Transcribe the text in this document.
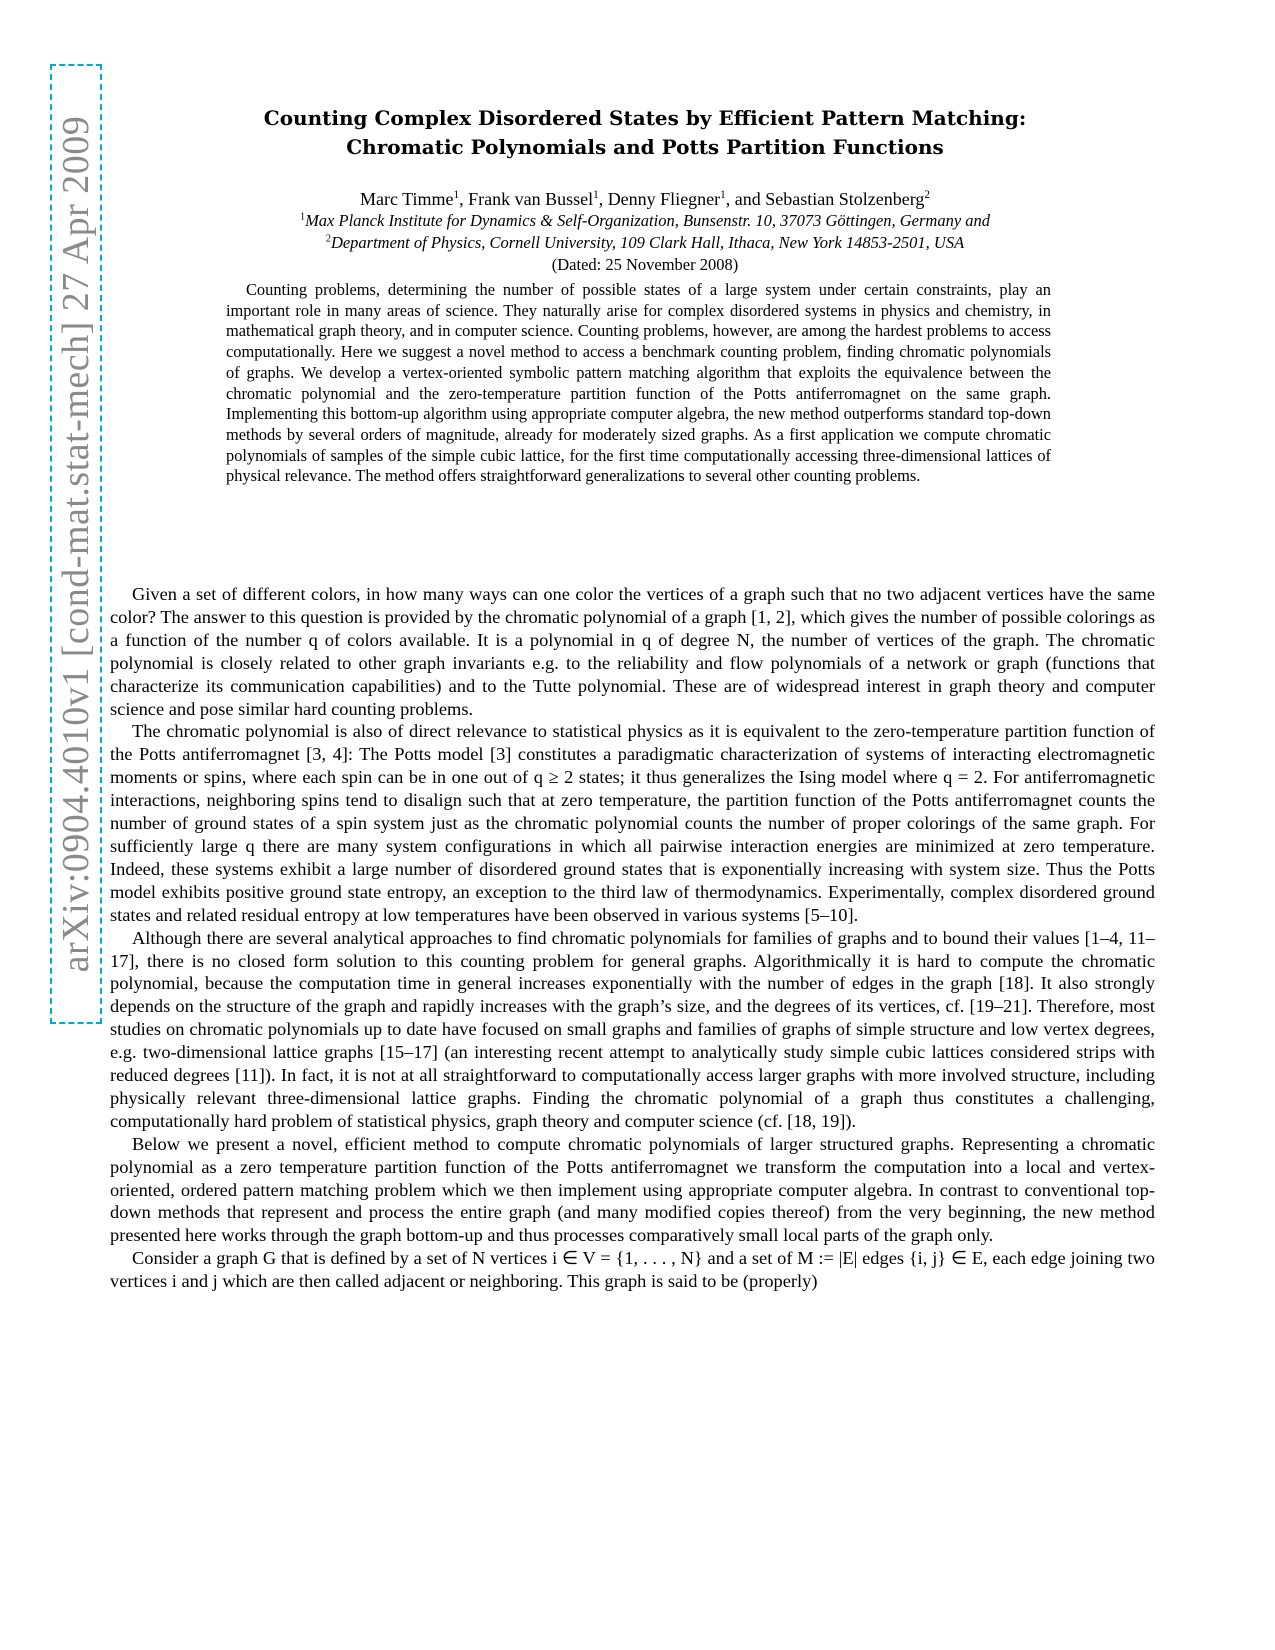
arXiv:0904.4010v1 [cond-mat.stat-mech] 27 Apr 2009	Counting Complex Disordered States by Efficient Pattern Matching:
Chromatic Polynomials and Potts Partition Functions
Marc Timme$^1$, Frank van Bussel$^1$, Denny Fliegner$^1$, and Sebastian Stolzenberg$^2$
$^1$Max Planck Institute for Dynamics & Self-Organization, Bunsenstr. 10, 37073 Göttingen, Germany and
$^2$Department of Physics, Cornell University, 109 Clark Hall, Ithaca, New York 14853-2501, USA
(Dated: 25 November 2008)
Counting problems, determining the number of possible states of a large system under certain constraints, play an important role in many areas of science. They naturally arise for complex disordered systems in physics and chemistry, in mathematical graph theory, and in computer science. Counting problems, however, are among the hardest problems to access computationally. Here we suggest a novel method to access a benchmark counting problem, finding chromatic polynomials of graphs. We develop a vertex-oriented symbolic pattern matching algorithm that exploits the equivalence between the chromatic polynomial and the zero-temperature partition function of the Potts antiferromagnet on the same graph. Implementing this bottom-up algorithm using appropriate computer algebra, the new method outperforms standard top-down methods by several orders of magnitude, already for moderately sized graphs. As a first application we compute chromatic polynomials of samples of the simple cubic lattice, for the first time computationally accessing three-dimensional lattices of physical relevance. The method offers straightforward generalizations to several other counting problems.

Given a set of different colors, in how many ways can one color the vertices of a graph such that no two adjacent vertices have the same color? The answer to this question is provided by the chromatic polynomial of a graph [1, 2], which gives the number of possible colorings as a function of the number q of colors available. It is a polynomial in q of degree N, the number of vertices of the graph. The chromatic polynomial is closely related to other graph invariants e.g. to the reliability and flow polynomials of a network or graph (functions that characterize its communication capabilities) and to the Tutte polynomial. These are of widespread interest in graph theory and computer science and pose similar hard counting problems.

The chromatic polynomial is also of direct relevance to statistical physics as it is equivalent to the zero-temperature partition function of the Potts antiferromagnet [3, 4]: The Potts model [3] constitutes a paradigmatic characterization of systems of interacting electromagnetic moments or spins, where each spin can be in one out of q ≥ 2 states; it thus generalizes the Ising model where q = 2. For antiferromagnetic interactions, neighboring spins tend to disalign such that at zero temperature, the partition function of the Potts antiferromagnet counts the number of ground states of a spin system just as the chromatic polynomial counts the number of proper colorings of the same graph. For sufficiently large q there are many system configurations in which all pairwise interaction energies are minimized at zero temperature. Indeed, these systems exhibit a large number of disordered ground states that is exponentially increasing with system size. Thus the Potts model exhibits positive ground state entropy, an exception to the third law of thermodynamics. Experimentally, complex disordered ground states and related residual entropy at low temperatures have been observed in various systems [5–10].

Although there are several analytical approaches to find chromatic polynomials for families of graphs and to bound their values [1–4, 11–17], there is no closed form solution to this counting problem for general graphs. Algorithmically it is hard to compute the chromatic polynomial, because the computation time in general increases exponentially with the number of edges in the graph [18]. It also strongly depends on the structure of the graph and rapidly increases with the graph’s size, and the degrees of its vertices, cf. [19–21]. Therefore, most studies on chromatic polynomials up to date have focused on small graphs and families of graphs of simple structure and low vertex degrees, e.g. two-dimensional lattice graphs [15–17] (an interesting recent attempt to analytically study simple cubic lattices considered strips with reduced degrees [11]). In fact, it is not at all straightforward to computationally access larger graphs with more involved structure, including physically relevant three-dimensional lattice graphs. Finding the chromatic polynomial of a graph thus constitutes a challenging, computationally hard problem of statistical physics, graph theory and computer science (cf. [18, 19]).

Below we present a novel, efficient method to compute chromatic polynomials of larger structured graphs. Representing a chromatic polynomial as a zero temperature partition function of the Potts antiferromagnet we transform the computation into a local and vertex-oriented, ordered pattern matching problem which we then implement using appropriate computer algebra. In contrast to conventional top-down methods that represent and process the entire graph (and many modified copies thereof) from the very beginning, the new method presented here works through the graph bottom-up and thus processes comparatively small local parts of the graph only.

Consider a graph G that is defined by a set of N vertices i ∈ V = {1, . . . , N} and a set of M := |E| edges {i, j} ∈ E, each edge joining two vertices i and j which are then called adjacent or neighboring. This graph is said to be (properly)
